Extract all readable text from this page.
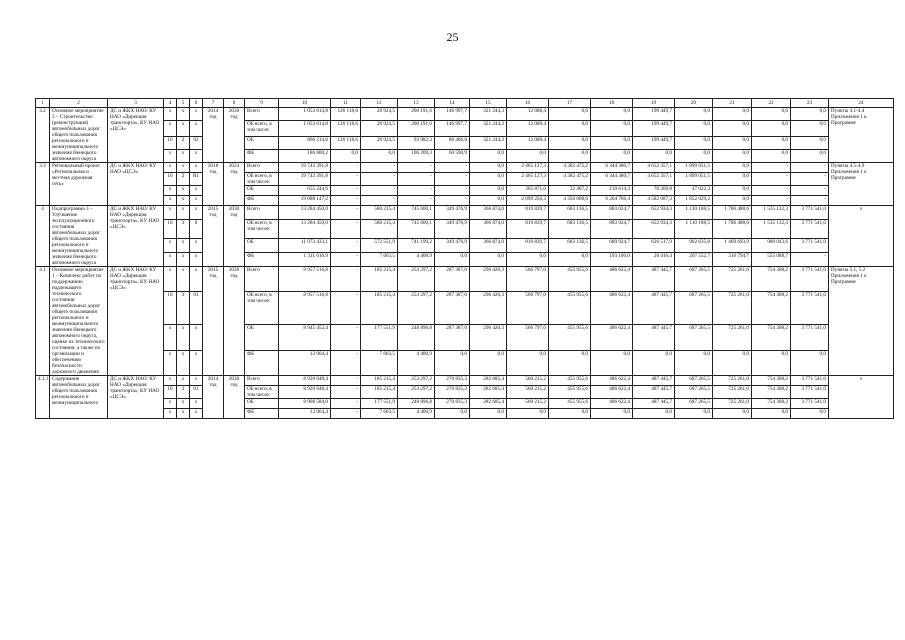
25
1	2	3	4	5	6	7	8	9	10	11	12	13	14	15	16	17	18	19	20	21	22	23	24
3.2	Основное мероприятие 2 – Строительство (реконструкция) автомобильных дорог общего пользования регионального и межмуниципального значения Ненецкого автономного округа	ДС и ЖКХ НАО/ КУ НАО «Дирекция транспорта», КУ НАО «ЦСЭ»	x	x	x	2014 год	2030 год	Всего	1 053 014,8	126 118,6	26 924,5	200 191,6	146 997,7	321 244,3	12 088,4	0,0	0,0	199 449,7	0,0	0,0	0,0	0,0	Пункты 4.1-4.4 Приложения 1 к Программе
			x	x	x			ОБ всего, в том числе	1 053 014,8	126 118,6	26 924,5	200 191,6	146 997,7	321 244,3	12 088,4	0,0	0,0	199 449,7	0,0	0,0	0,0	0,0	
			10	2	02			ОБ	866 214,6	126 118,6	26 924,5	93 982,3	86 406,8	321 244,3	12 088,4	0,0	0,0	199 449,7	0,0	0,0	0,0	0,0	
			x	x	x			ФБ	186 800,2	0,0	0,0	106 209,3	60 590,9	0,0	0,0	0,0	0,0	0,0	0,0	0,0	0,0	0,0	
3.3	Региональный проект «Региональная и местная дорожная сеть»	ДС и ЖКХ НАО/ КУ НАО «ЦСЭ»	x	x	x	2018 год	2024 год	Всего	19 743 391,8	-	-	-	-	0,0	2 465 127,3	4 382 475,2	6 344 380,7	4 652 357,1	1 899 051,5	0,0	-	-	Пункты 4.5-4.9 Приложения 1 к Программе
			10	2	R1			ОБ всего, в том числе:	19 743 391,8	-	-	-	-	0,0	2 465 127,3	4 382 475,2	6 344 380,7	4 652 357,1	1 899 051,5	0,0	-	-	
			x	x	x			ОБ	655 244,6	-	-	-	-	0,0	365 871,0	32 467,2	139 614,3	70 269,8	47 022,3	0,0	-	-	
			x	x	x			ФБ	19 088 147,2	-	-	-	-	0,0	2 099 256,3	4 350 008,0	6 204 766,4	4 582 087,3	1 852 029,2	0,0	-	-	
4	Подпрограмма 3 – Улучшение эксплуатационного состояния автомобильных дорог общего пользования регионального и межмуниципального значения Ненецкого автономного округа	ДС и ЖКХ НАО/ КУ НАО «Дирекция транспорта», КУ НАО «ЦСЭ»	x	x	x	2015 год	2030 год	Всего	13 284 450,0	-	580 215,4	745 600,1	349 476,9	366 874,0	819 839,7	683 136,5	883 024,7	652 934,3	1 110 188,5	1 786 488,6	1 535 132,3	3 771 541,0	x
			10	3	0			ОБ всего, в том числе:	13 284 450,0	-	580 215,4	745 600,1	349 476,9	366 874,0	819 839,7	683 136,5	883 024,7	652 934,3	1 110 188,5	1 786 488,6	1 535 132,3	3 771 541,0	
			x	x	x			ОБ	11 973 433,1	-	572 551,9	741 199,2	349 476,9	366 874,0	819 839,7	683 136,5	689 924,7	626 517,9	902 635,8	1 469 693,9	980 043,6	3 771 541,0	
			x	x	x			ФБ	1 311 016,9	-	7 663,5	4 400,9	0,0	0,0	0,0	0,0	193 100,0	26 416,4	207 552,7	316 794,7	555 088,7	-	
4.1	Основное мероприятие 1 – Комплекс работ по поддержанию надлежащего технического состояния автомобильных дорог общего пользования регионального и межмуниципального значения Ненецкого автономного округа, оценке их технического состояния, а также по организации и обеспечению безопасности дорожного движения	ДС и ЖКХ НАО/ КУ НАО «Дирекция транспорта», КУ НАО «ЦСЭ»	x	x	x	2015 год	2030 год	Всего	8 957 516,8	-	185 215,4	253 297,2	287 387,0	296 420,3	566 797,0	455 955,6	486 622,4	487 445,7	687 265,5	725 261,0	754 308,2	3 771 541,0	Пункты 5.1, 5.2 Приложения 1 к Программе
			10	3	01			ОБ всего, в том числе:	8 957 516,8	-	185 215,4	253 297,2	287 387,0	296 420,3	566 797,0	455 955,6	486 622,4	487 445,7	687 265,5	725 261,0	754 308,2	3 771 541,0	
			x	x	x			ОБ	8 945 452,4	-	177 551,9	248 896,8	287 387,0	296 420,3	566 797,0	455 955,6	486 622,4	487 445,7	687 265,5	725 261,0	754 308,2	3 771 541,0	
			x	x	x			ФБ	12 064,4	-	7 663,5	4 400,9	0,0	0,0	0,0	0,0	0,0	0,0	0,0	0,0	0,0	0,0	
4.1.1	Содержание автомобильных дорог общего пользования регионального и межмуниципального	ДС и ЖКХ НАО/ КУ НАО «Дирекция транспорта», КУ НАО «ЦСЭ»	x	x	x	2014 год	2030 год	Всего	8 920 648,4	-	185 215,4	253 297,2	270 835,3	282 685,4	560 215,2	455 955,6	486 622,4	487 445,7	687 265,5	725 261,0	754 308,2	3 771 541,0	x
			10	3	01			ОБ всего, в том числе:	8 920 648,4	-	185 215,4	253 297,2	270 835,3	282 685,4	560 215,2	455 955,6	486 622,4	487 445,7	687 265,5	725 261,0	754 308,2	3 771 541,0	
			x	x	x			ОБ	8 908 584,0	-	177 551,9	248 896,8	270 835,3	282 685,4	560 215,2	455 955,6	486 622,4	487 445,7	687 265,5	725 261,0	754 308,2	3 771 541,0	
			x	x	x			ФБ	12 064,4	-	7 663,5	4 400,9	0,0	0,0	0,0	0,0	0,0	0,0	0,0	0,0	0,0	0,0	
